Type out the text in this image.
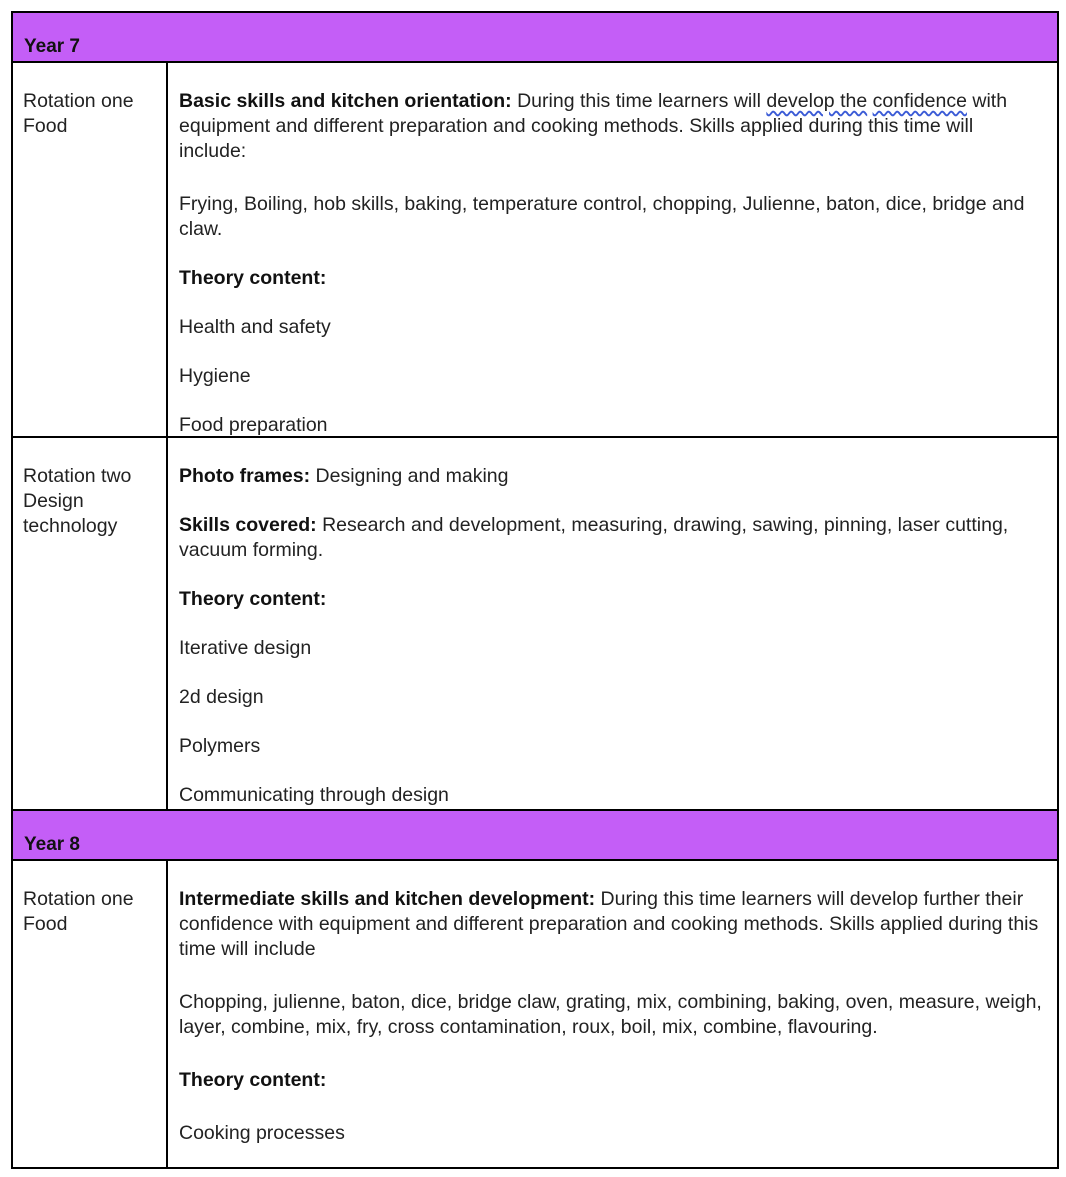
Year 7
Rotation one
Food

Basic skills and kitchen orientation: During this time learners will develop the confidence with equipment and different preparation and cooking methods. Skills applied during this time will include:

Frying, Boiling, hob skills, baking, temperature control, chopping, Julienne, baton, dice, bridge and claw.

Theory content:

Health and safety

Hygiene

Food preparation

Rotation two
Design
technology

Photo frames: Designing and making

Skills covered: Research and development, measuring, drawing, sawing, pinning, laser cutting, vacuum forming.

Theory content:

Iterative design

2d design

Polymers

Communicating through design

Year 8
Rotation one
Food

Intermediate skills and kitchen development: During this time learners will develop further their confidence with equipment and different preparation and cooking methods. Skills applied during this time will include

Chopping, julienne, baton, dice, bridge claw, grating, mix, combining, baking, oven, measure, weigh, layer, combine, mix, fry, cross contamination, roux, boil, mix, combine, flavouring.

Theory content:

Cooking processes
